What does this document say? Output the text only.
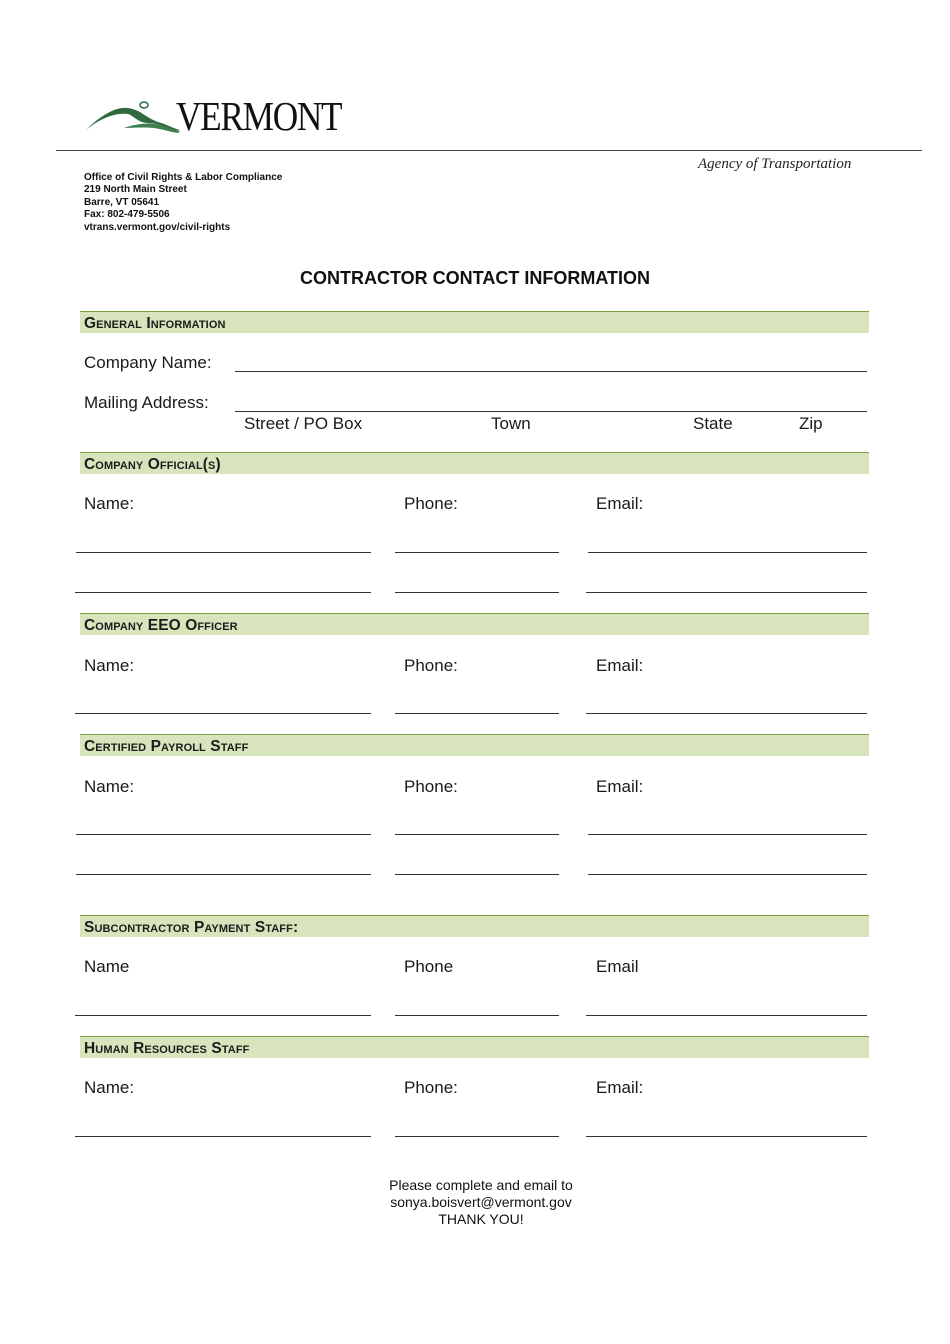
VERMONT
Agency of Transportation
Office of Civil Rights & Labor Compliance
219 North Main Street
Barre, VT 05641
Fax: 802-479-5506
vtrans.vermont.gov/civil-rights
CONTRACTOR CONTACT INFORMATION
General Information
Company Name:
Mailing Address:
Street / PO Box	Town	State	Zip
Company Official(s)
Name:	Phone:	Email:
Company EEO Officer
Name:	Phone:	Email:
Certified Payroll Staff
Name:	Phone:	Email:
Subcontractor Payment Staff:
Name	Phone	Email
Human Resources Staff
Name:	Phone:	Email:
Please complete and email to
sonya.boisvert@vermont.gov
THANK YOU!
